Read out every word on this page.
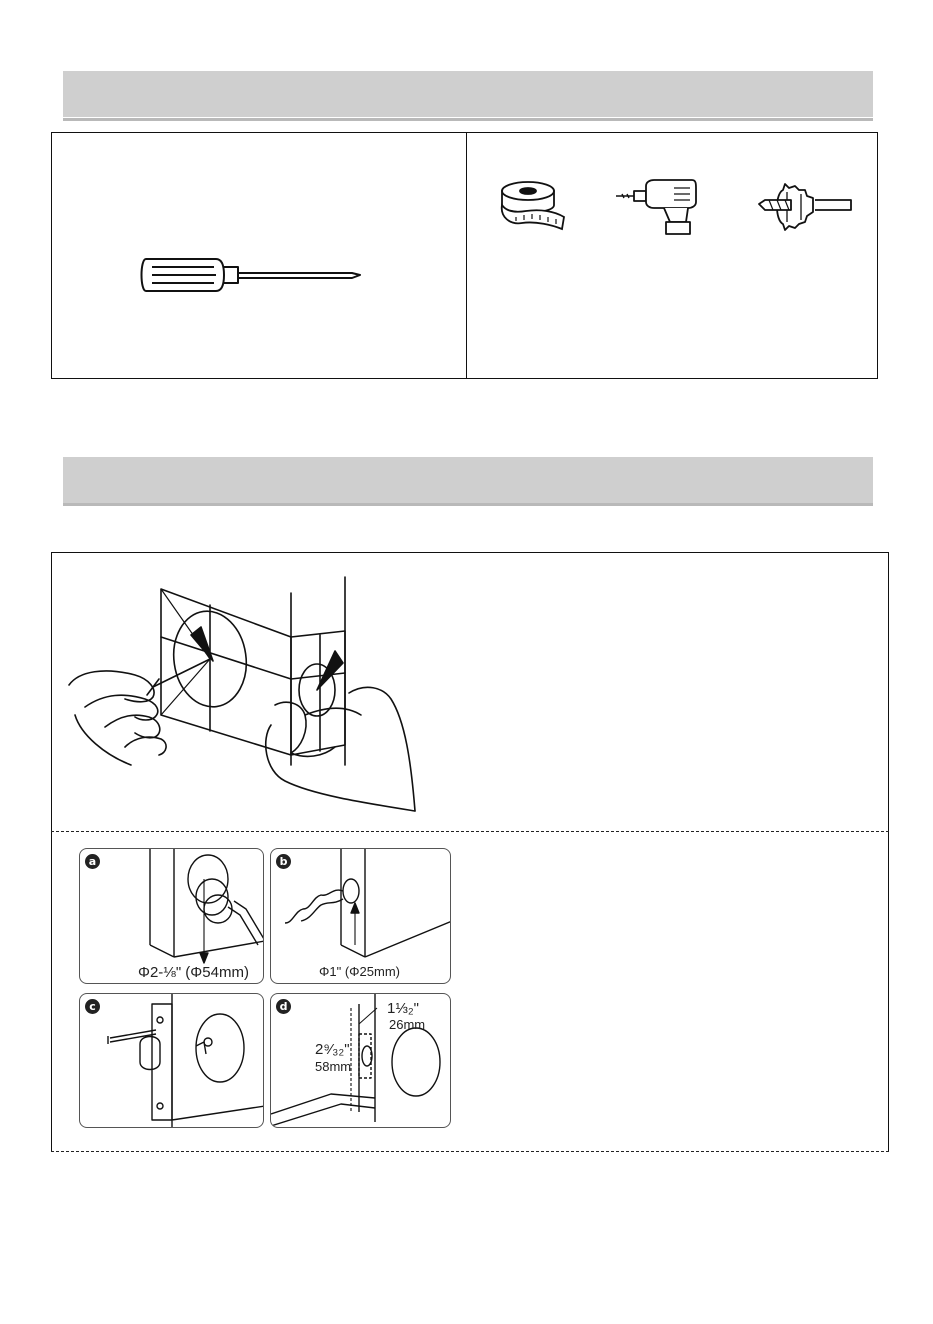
a
Φ2-⅛" (Φ54mm)
b
Φ1" (Φ25mm)
c	d	1⅓₂"
26mm
2⁹⁄₃₂"
58mm
